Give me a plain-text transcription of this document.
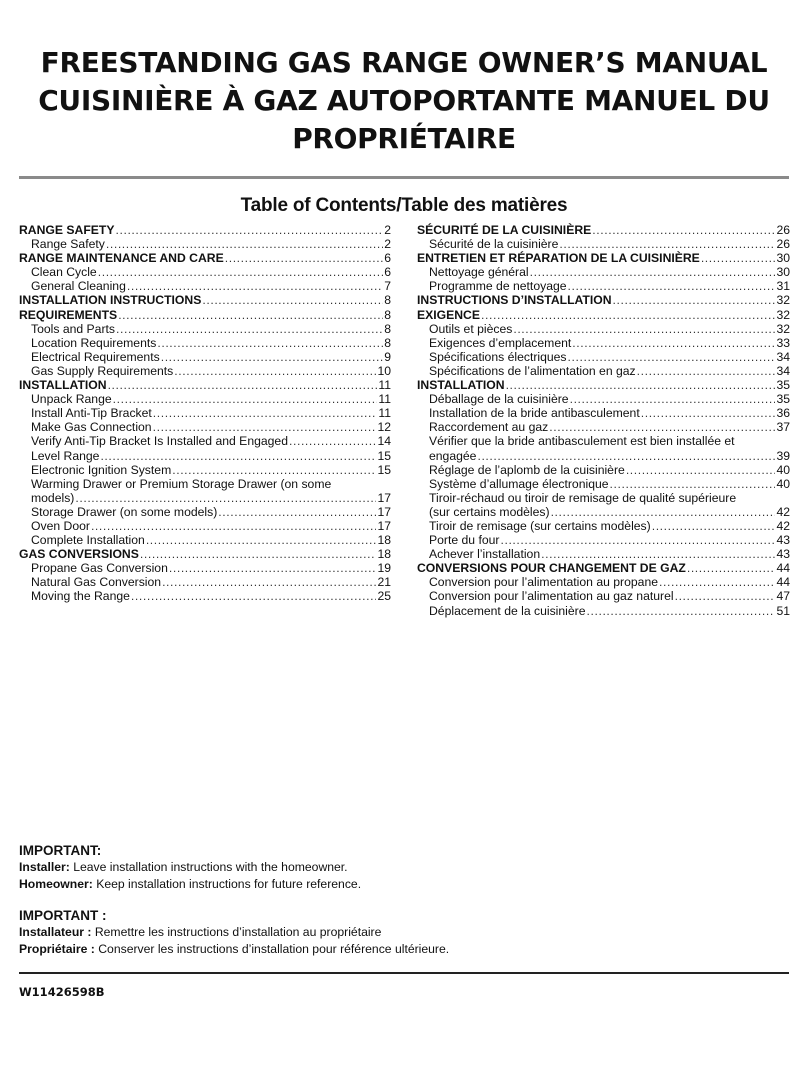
FREESTANDING GAS RANGE OWNER’S MANUAL
CUISINIÈRE À GAZ AUTOPORTANTE MANUEL DU
PROPRIÉTAIRE
Table of Contents/Table des matières
RANGE SAFETY .....	2
Range Safety .....	2
RANGE MAINTENANCE AND CARE .....	6
Clean Cycle .....	6
General Cleaning .....	7
INSTALLATION INSTRUCTIONS .....	8
REQUIREMENTS .....	8
Tools and Parts .....	8
Location Requirements .....	8
Electrical Requirements .....	9
Gas Supply Requirements .....	10
INSTALLATION .....	11
Unpack Range .....	11
Install Anti-Tip Bracket .....	11
Make Gas Connection .....	12
Verify Anti-Tip Bracket Is Installed and Engaged .....	14
Level Range .....	15
Electronic Ignition System .....	15
Warming Drawer or Premium Storage Drawer (on some
models) .....	17
Storage Drawer (on some models) .....	17
Oven Door .....	17
Complete Installation .....	18
GAS CONVERSIONS .....	18
Propane Gas Conversion .....	19
Natural Gas Conversion .....	21
Moving the Range .....	25
SÉCURITÉ DE LA CUISINIÈRE .....	26
Sécurité de la cuisinière .....	26
ENTRETIEN ET RÉPARATION DE LA CUISINIÈRE .....	30
Nettoyage général .....	30
Programme de nettoyage .....	31
INSTRUCTIONS D’INSTALLATION .....	32
EXIGENCE .....	32
Outils et pièces .....	32
Exigences d’emplacement .....	33
Spécifications électriques .....	34
Spécifications de l’alimentation en gaz .....	34
INSTALLATION .....	35
Déballage de la cuisinière .....	35
Installation de la bride antibasculement .....	36
Raccordement au gaz .....	37
Vérifier que la bride antibasculement est bien installée et
engagée .....	39
Réglage de l’aplomb de la cuisinière .....	40
Système d’allumage électronique .....	40
Tiroir-réchaud ou tiroir de remisage de qualité supérieure
(sur certains modèles) .....	42
Tiroir de remisage (sur certains modèles) .....	42
Porte du four .....	43
Achever l’installation .....	43
CONVERSIONS POUR CHANGEMENT DE GAZ .....	44
Conversion pour l’alimentation au propane .....	44
Conversion pour l’alimentation au gaz naturel .....	47
Déplacement de la cuisinière .....	51
IMPORTANT:
Installer: Leave installation instructions with the homeowner.
Homeowner: Keep installation instructions for future reference.
IMPORTANT :
Installateur : Remettre les instructions d’installation au propriétaire
Propriétaire : Conserver les instructions d’installation pour référence ultérieure.
W11426598B
